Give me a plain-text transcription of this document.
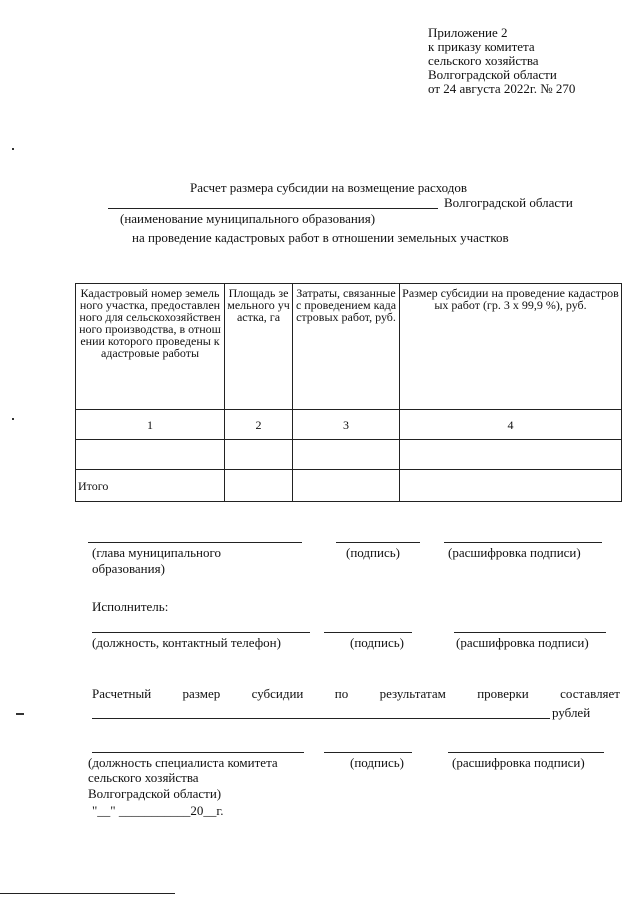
Приложение 2
к приказу комитета
сельского хозяйства
Волгоградской области
от 24 августа 2022г. № 270
Расчет размера субсидии на возмещение расходов
Волгоградской области
(наименование муниципального образования)
на проведение кадастровых работ в отношении земельных участков
Кадастровый номер земельного участка, предоставленного для сельскохозяйственного производства, в отношении которого проведены кадастровые работы	Площадь земельного участка, га	Затраты, связанные с проведением кадастровых работ, руб.	Размер субсидии на проведение кадастровых работ (гр. 3 х 99,9 %), руб.
1	2	3	4

Итого			
(глава муниципального
образования)
(подпись)	(расшифровка подписи)
Исполнитель:
(должность, контактный телефон)	(подпись)	(расшифровка подписи)
Расчетный размер субсидии по результатам проверки составляет
рублей
(должность специалиста комитета
сельского хозяйства
Волгоградской области)
(подпись)	(расшифровка подписи)
"__" ___________20__г.
